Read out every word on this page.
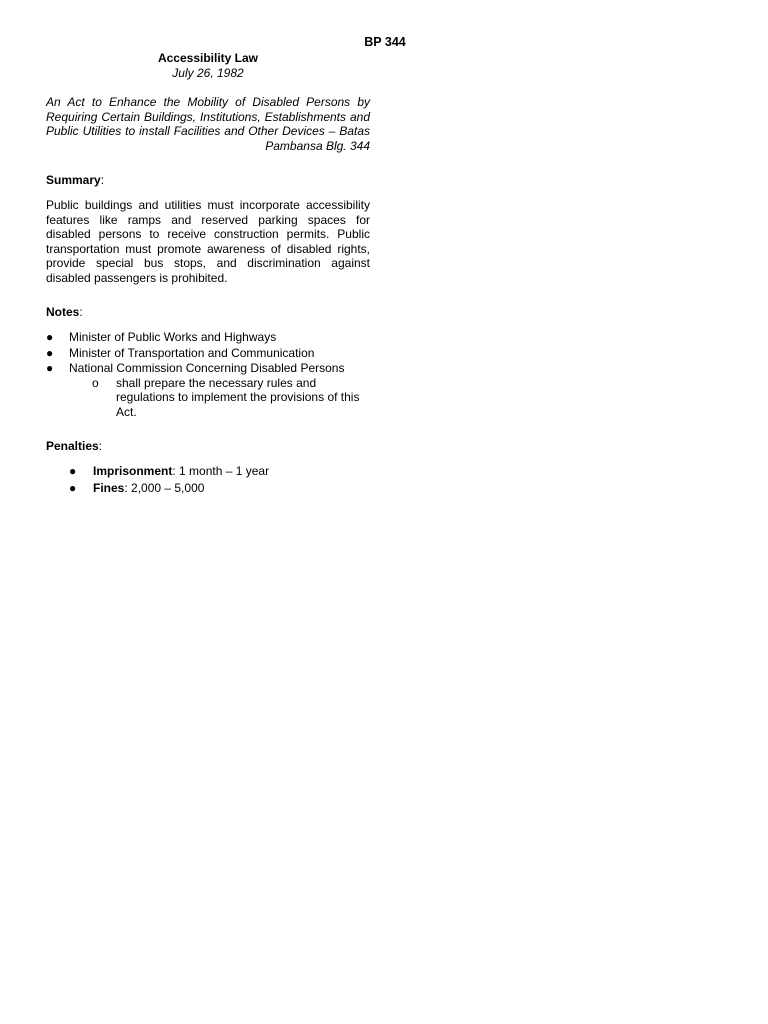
BP 344
Accessibility Law
July 26, 1982
An Act to Enhance the Mobility of Disabled Persons by Requiring Certain Buildings, Institutions, Establishments and Public Utilities to install Facilities and Other Devices – Batas Pambansa Blg. 344
Summary:
Public buildings and utilities must incorporate accessibility features like ramps and reserved parking spaces for disabled persons to receive construction permits. Public transportation must promote awareness of disabled rights, provide special bus stops, and discrimination against disabled passengers is prohibited.
Notes:
● Minister of Public Works and Highways
● Minister of Transportation and Communication
● National Commission Concerning Disabled Persons
o shall prepare the necessary rules and regulations to implement the provisions of this Act.
Penalties:
● Imprisonment: 1 month – 1 year
● Fines: 2,000 – 5,000
